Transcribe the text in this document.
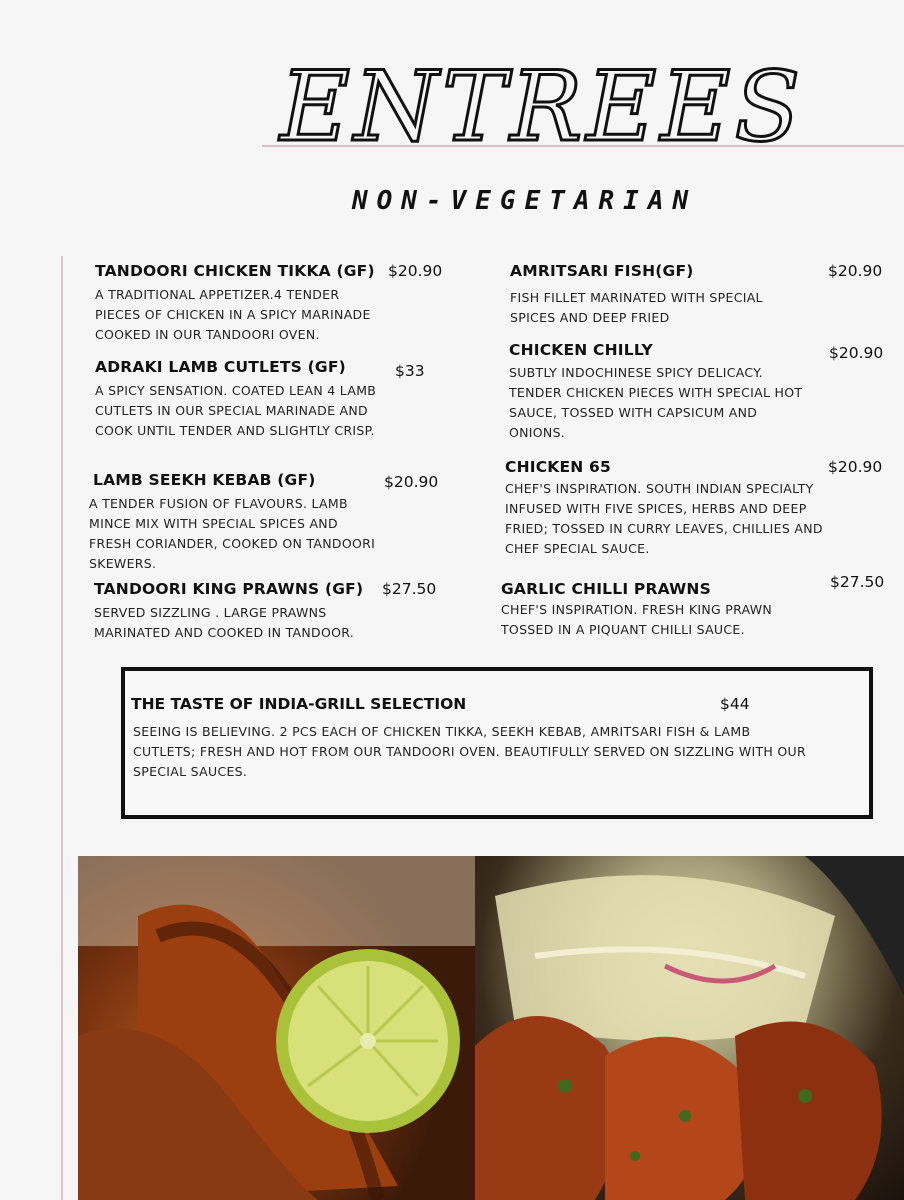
ENTREES
NON-VEGETARIAN
TANDOORI CHICKEN TIKKA (GF)
A TRADITIONAL APPETIZER.4 TENDER PIECES OF CHICKEN IN A SPICY MARINADE COOKED IN OUR TANDOORI OVEN.
$20.90
ADRAKI LAMB CUTLETS (GF)
A SPICY SENSATION. COATED LEAN 4 LAMB CUTLETS IN OUR SPECIAL MARINADE AND COOK UNTIL TENDER AND SLIGHTLY CRISP.
$33
LAMB SEEKH KEBAB (GF)
A TENDER FUSION OF FLAVOURS. LAMB MINCE MIX WITH SPECIAL SPICES AND FRESH CORIANDER, COOKED ON TANDOORI SKEWERS.
$20.90
TANDOORI KING PRAWNS (GF)
SERVED SIZZLING . LARGE PRAWNS MARINATED AND COOKED IN TANDOOR.
$27.50
AMRITSARI FISH(GF)
FISH FILLET MARINATED WITH SPECIAL SPICES AND DEEP FRIED
$20.90
CHICKEN CHILLY
SUBTLY INDOCHINESE SPICY DELICACY. TENDER CHICKEN PIECES WITH SPECIAL HOT SAUCE, TOSSED WITH CAPSICUM AND ONIONS.
$20.90
CHICKEN 65
CHEF'S INSPIRATION. SOUTH INDIAN SPECIALTY INFUSED WITH FIVE SPICES, HERBS AND DEEP FRIED; TOSSED IN CURRY LEAVES, CHILLIES AND CHEF SPECIAL SAUCE.
$20.90
GARLIC CHILLI PRAWNS
CHEF'S INSPIRATION. FRESH KING PRAWN TOSSED IN A PIQUANT CHILLI SAUCE.
$27.50
THE TASTE OF INDIA-GRILL SELECTION	$44
SEEING IS BELIEVING. 2 PCS EACH OF CHICKEN TIKKA, SEEKH KEBAB, AMRITSARI FISH & LAMB CUTLETS; FRESH AND HOT FROM OUR TANDOORI OVEN. BEAUTIFULLY SERVED ON SIZZLING WITH OUR SPECIAL SAUCES.
